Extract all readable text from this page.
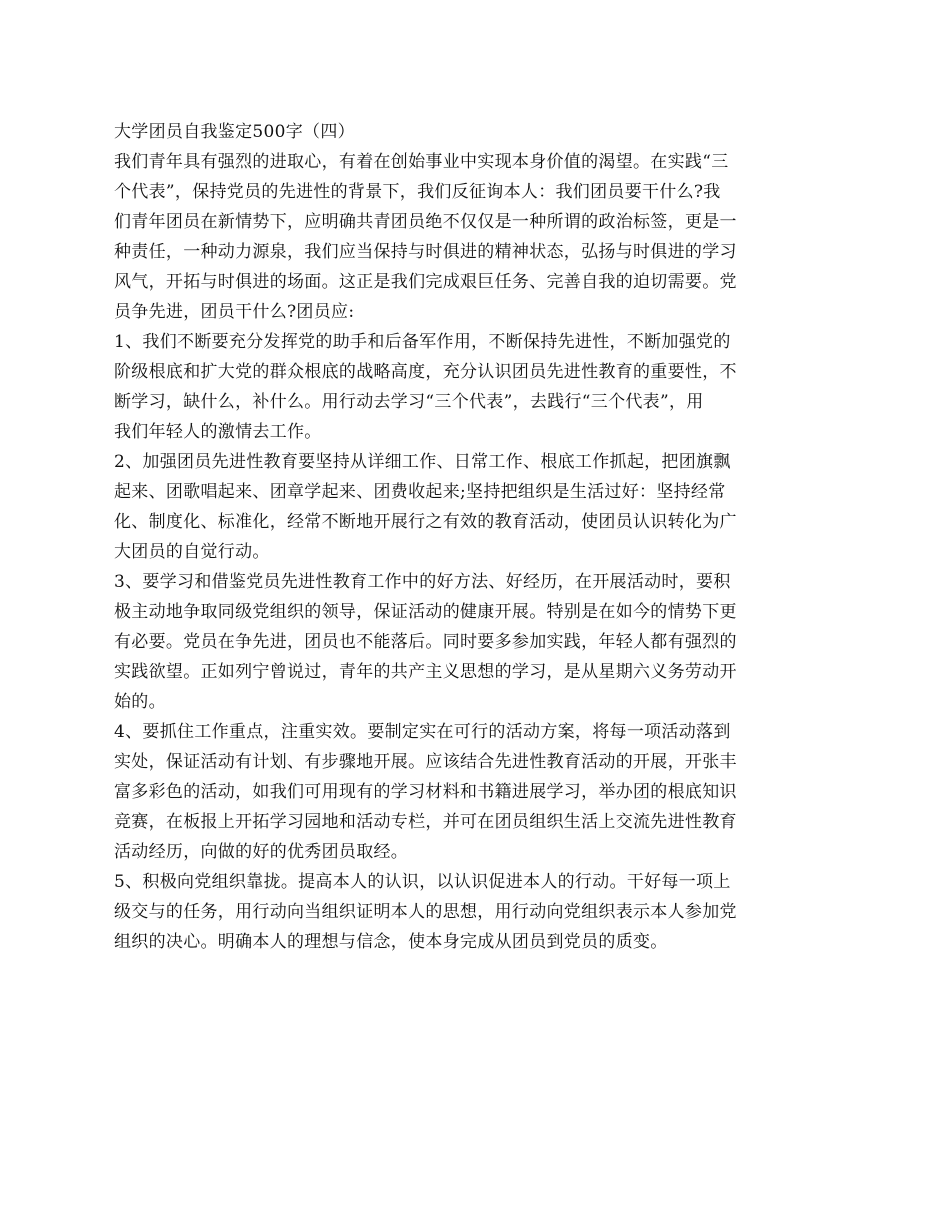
大学团员自我鉴定500字（四）

我们青年具有强烈的进取心，有着在创始事业中实现本身价值的渴望。在实践“三

个代表”，保持党员的先进性的背景下，我们反征询本人：我们团员要干什么?我

们青年团员在新情势下，应明确共青团员绝不仅仅是一种所谓的政治标签，更是一

种责任，一种动力源泉，我们应当保持与时俱进的精神状态，弘扬与时俱进的学习

风气，开拓与时俱进的场面。这正是我们完成艰巨任务、完善自我的迫切需要。党

员争先进，团员干什么?团员应:

1、我们不断要充分发挥党的助手和后备军作用，不断保持先进性，不断加强党的

阶级根底和扩大党的群众根底的战略高度，充分认识团员先进性教育的重要性，不

断学习，缺什么，补什么。用行动去学习“三个代表”，去践行“三个代表”，用

我们年轻人的激情去工作。

2、加强团员先进性教育要坚持从详细工作、日常工作、根底工作抓起，把团旗飘

起来、团歌唱起来、团章学起来、团费收起来;坚持把组织是生活过好：坚持经常

化、制度化、标准化，经常不断地开展行之有效的教育活动，使团员认识转化为广

大团员的自觉行动。

3、要学习和借鉴党员先进性教育工作中的好方法、好经历，在开展活动时，要积

极主动地争取同级党组织的领导，保证活动的健康开展。特别是在如今的情势下更

有必要。党员在争先进，团员也不能落后。同时要多参加实践，年轻人都有强烈的

实践欲望。正如列宁曾说过，青年的共产主义思想的学习，是从星期六义务劳动开

始的。

4、要抓住工作重点，注重实效。要制定实在可行的活动方案，将每一项活动落到

实处，保证活动有计划、有步骤地开展。应该结合先进性教育活动的开展，开张丰

富多彩色的活动，如我们可用现有的学习材料和书籍进展学习，举办团的根底知识

竞赛，在板报上开拓学习园地和活动专栏，并可在团员组织生活上交流先进性教育

活动经历，向做的好的优秀团员取经。

5、积极向党组织靠拢。提高本人的认识，以认识促进本人的行动。干好每一项上

级交与的任务，用行动向当组织证明本人的思想，用行动向党组织表示本人参加党

组织的决心。明确本人的理想与信念，使本身完成从团员到党员的质变。
